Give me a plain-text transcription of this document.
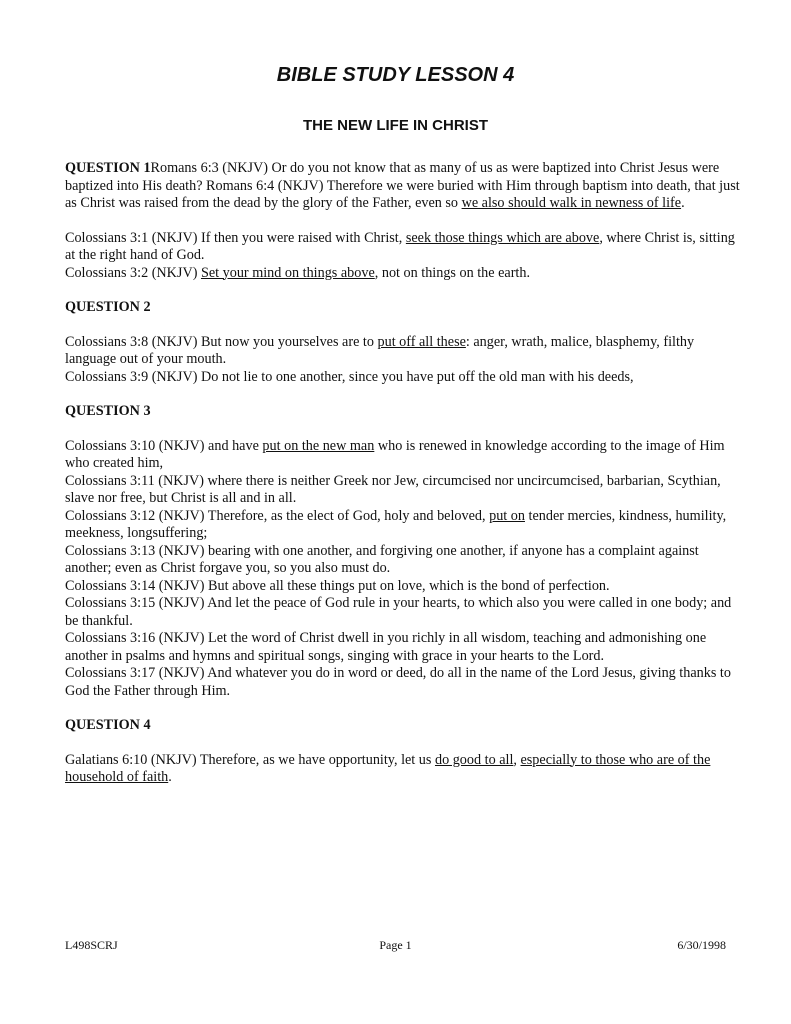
BIBLE STUDY LESSON 4
THE NEW LIFE IN CHRIST

QUESTION 1Romans 6:3 (NKJV) Or do you not know that as many of us as were baptized into Christ Jesus were baptized into His death? Romans 6:4 (NKJV) Therefore we were buried with Him through baptism into death, that just as Christ was raised from the dead by the glory of the Father, even so we also should walk in newness of life.

Colossians 3:1 (NKJV) If then you were raised with Christ, seek those things which are above, where Christ is, sitting at the right hand of God.

Colossians 3:2 (NKJV) Set your mind on things above, not on things on the earth.

QUESTION 2

Colossians 3:8 (NKJV) But now you yourselves are to put off all these: anger, wrath, malice, blasphemy, filthy language out of your mouth.

Colossians 3:9 (NKJV) Do not lie to one another, since you have put off the old man with his deeds,

QUESTION 3

Colossians 3:10 (NKJV) and have put on the new man who is renewed in knowledge according to the image of Him who created him,

Colossians 3:11 (NKJV) where there is neither Greek nor Jew, circumcised nor uncircumcised, barbarian, Scythian, slave nor free, but Christ is all and in all.

Colossians 3:12 (NKJV) Therefore, as the elect of God, holy and beloved, put on tender mercies, kindness, humility, meekness, longsuffering;

Colossians 3:13 (NKJV) bearing with one another, and forgiving one another, if anyone has a complaint against another; even as Christ forgave you, so you also must do.

Colossians 3:14 (NKJV) But above all these things put on love, which is the bond of perfection.

Colossians 3:15 (NKJV) And let the peace of God rule in your hearts, to which also you were called in one body; and be thankful.

Colossians 3:16 (NKJV) Let the word of Christ dwell in you richly in all wisdom, teaching and admonishing one another in psalms and hymns and spiritual songs, singing with grace in your hearts to the Lord.

Colossians 3:17 (NKJV) And whatever you do in word or deed, do all in the name of the Lord Jesus, giving thanks to God the Father through Him.

QUESTION 4

Galatians 6:10 (NKJV) Therefore, as we have opportunity, let us do good to all, especially to those who are of the household of faith.

L498SCRJ	Page 1	6/30/1998
